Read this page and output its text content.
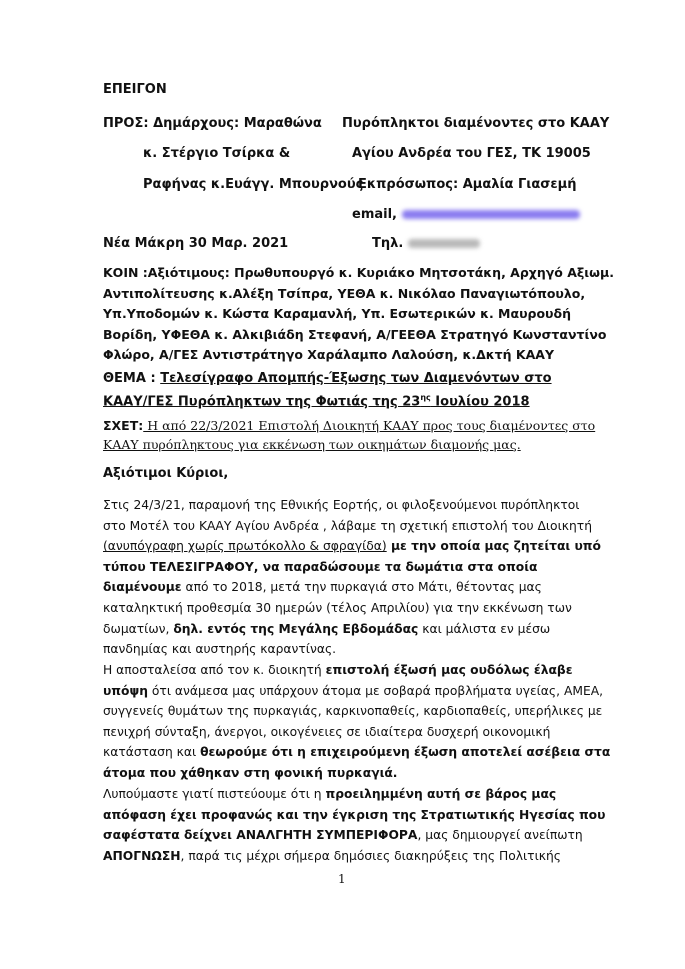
ΕΠΕΙΓΟΝ
ΠΡΟΣ: Δημάρχους: Μαραθώνα
κ. Στέργιο Τσίρκα &
Ραφήνας κ.Ευάγγ. Μπουρνούς
Πυρόπληκτοι διαμένοντες στο ΚΑΑΥ
Αγίου Ανδρέα του ΓΕΣ, ΤΚ 19005
Εκπρόσωπος: Αμαλία Γιασεμή
email,
Νέα Μάκρη 30 Μαρ. 2021	Τηλ.
ΚΟΙΝ :Αξιότιμους: Πρωθυπουργό κ. Κυριάκο Μητσοτάκη, Αρχηγό Αξιωμ.
Αντιπολίτευσης κ.Αλέξη Τσίπρα, ΥΕΘΑ κ. Νικόλαο Παναγιωτόπουλο,
Υπ.Υποδομών κ. Κώστα Καραμανλή, Υπ. Εσωτερικών κ. Μαυρουδή
Βορίδη, ΥΦΕΘΑ κ. Αλκιβιάδη Στεφανή, Α/ΓΕΕΘΑ Στρατηγό Κωνσταντίνο
Φλώρο, Α/ΓΕΣ Αντιστράτηγο Χαράλαμπο Λαλούση, κ.Δκτή ΚΑΑΥ
ΘΕΜΑ : Τελεσίγραφο Απομπής-Έξωσης των Διαμενόντων στο
ΚΑΑΥ/ΓΕΣ Πυρόπληκτων της Φωτιάς της $23^{\eta\varsigma}$ Ιουλίου 2018
ΣΧΕΤ: Η από 22/3/2021 Επιστολή Διοικητή ΚΑΑΥ προς τους διαμένοντες στο
ΚΑΑΥ πυρόπληκτους για εκκένωση των οικημάτων διαμονής μας.
Αξιότιμοι Κύριοι,
Στις 24/3/21, παραμονή της Εθνικής Εορτής, οι φιλοξενούμενοι πυρόπληκτοι
στο Μοτέλ του ΚΑΑΥ Αγίου Ανδρέα , λάβαμε τη σχετική επιστολή του Διοικητή
(ανυπόγραφη χωρίς πρωτόκολλο & σφραγίδα) με την οποία μας ζητείται υπό
τύπου ΤΕΛΕΣΙΓΡΑΦΟΥ, να παραδώσουμε τα δωμάτια στα οποία
διαμένουμε από το 2018, μετά την πυρκαγιά στο Μάτι, θέτοντας μας
καταληκτική προθεσμία 30 ημερών (τέλος Απριλίου) για την εκκένωση των
δωματίων, δηλ. εντός της Μεγάλης Εβδομάδας και μάλιστα εν μέσω
πανδημίας και αυστηρής καραντίνας.
Η αποσταλείσα από τον κ. διοικητή επιστολή έξωσή μας ουδόλως έλαβε
υπόψη ότι ανάμεσα μας υπάρχουν άτομα με σοβαρά προβλήματα υγείας, ΑΜΕΑ,
συγγενείς θυμάτων της πυρκαγιάς, καρκινοπαθείς, καρδιοπαθείς, υπερήλικες με
πενιχρή σύνταξη, άνεργοι, οικογένειες σε ιδιαίτερα δυσχερή οικονομική
κατάσταση και θεωρούμε ότι η επιχειρούμενη έξωση αποτελεί ασέβεια στα
άτομα που χάθηκαν στη φονική πυρκαγιά.
Λυπούμαστε γιατί πιστεύουμε ότι η προειλημμένη αυτή σε βάρος μας
απόφαση έχει προφανώς και την έγκριση της Στρατιωτικής Ηγεσίας που
σαφέστατα δείχνει ΑΝΑΛΓΗΤΗ ΣΥΜΠΕΡΙΦΟΡΑ, μας δημιουργεί ανείπωτη
ΑΠΟΓΝΩΣΗ, παρά τις μέχρι σήμερα δημόσιες διακηρύξεις της Πολιτικής
1
